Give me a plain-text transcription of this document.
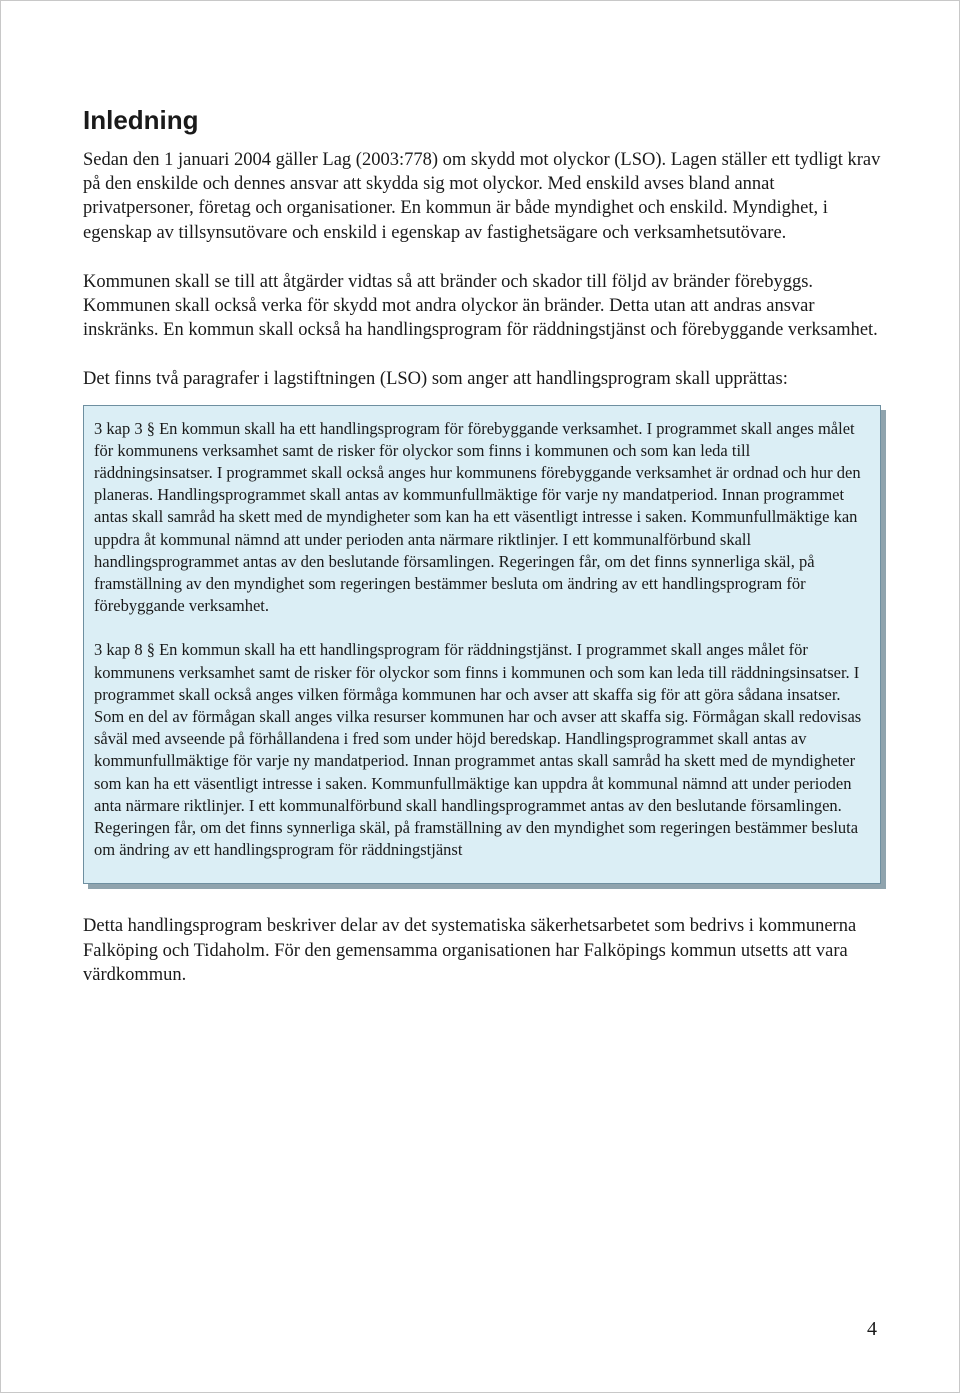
Inledning

Sedan den 1 januari 2004 gäller Lag (2003:778) om skydd mot olyckor (LSO). Lagen ställer ett tydligt krav på den enskilde och dennes ansvar att skydda sig mot olyckor. Med enskild avses bland annat privatpersoner, företag och organisationer. En kommun är både myndighet och enskild. Myndighet, i egenskap av tillsynsutövare och enskild i egenskap av fastighetsägare och verksamhetsutövare.

Kommunen skall se till att åtgärder vidtas så att bränder och skador till följd av bränder förebyggs. Kommunen skall också verka för skydd mot andra olyckor än bränder. Detta utan att andras ansvar inskränks. En kommun skall också ha handlingsprogram för räddningstjänst och förebyggande verksamhet.

Det finns två paragrafer i lagstiftningen (LSO) som anger att handlingsprogram skall upprättas:

3 kap 3 § En kommun skall ha ett handlingsprogram för förebyggande verksamhet. I programmet skall anges målet för kommunens verksamhet samt de risker för olyckor som finns i kommunen och som kan leda till räddningsinsatser. I programmet skall också anges hur kommunens förebyggande verksamhet är ordnad och hur den planeras. Handlingsprogrammet skall antas av kommunfullmäktige för varje ny mandatperiod. Innan programmet antas skall samråd ha skett med de myndigheter som kan ha ett väsentligt intresse i saken. Kommunfullmäktige kan uppdra åt kommunal nämnd att under perioden anta närmare riktlinjer. I ett kommunalförbund skall handlingsprogrammet antas av den beslutande församlingen. Regeringen får, om det finns synnerliga skäl, på framställning av den myndighet som regeringen bestämmer besluta om ändring av ett handlingsprogram för förebyggande verksamhet.

3 kap 8 § En kommun skall ha ett handlingsprogram för räddningstjänst. I programmet skall anges målet för kommunens verksamhet samt de risker för olyckor som finns i kommunen och som kan leda till räddningsinsatser. I programmet skall också anges vilken förmåga kommunen har och avser att skaffa sig för att göra sådana insatser. Som en del av förmågan skall anges vilka resurser kommunen har och avser att skaffa sig. Förmågan skall redovisas såväl med avseende på förhållandena i fred som under höjd beredskap. Handlingsprogrammet skall antas av kommunfullmäktige för varje ny mandatperiod. Innan programmet antas skall samråd ha skett med de myndigheter som kan ha ett väsentligt intresse i saken. Kommunfullmäktige kan uppdra åt kommunal nämnd att under perioden anta närmare riktlinjer. I ett kommunalförbund skall handlingsprogrammet antas av den beslutande församlingen. Regeringen får, om det finns synnerliga skäl, på framställning av den myndighet som regeringen bestämmer besluta om ändring av ett handlingsprogram för räddningstjänst

Detta handlingsprogram beskriver delar av det systematiska säkerhetsarbetet som bedrivs i kommunerna Falköping och Tidaholm. För den gemensamma organisationen har Falköpings kommun utsetts att vara värdkommun.

4
